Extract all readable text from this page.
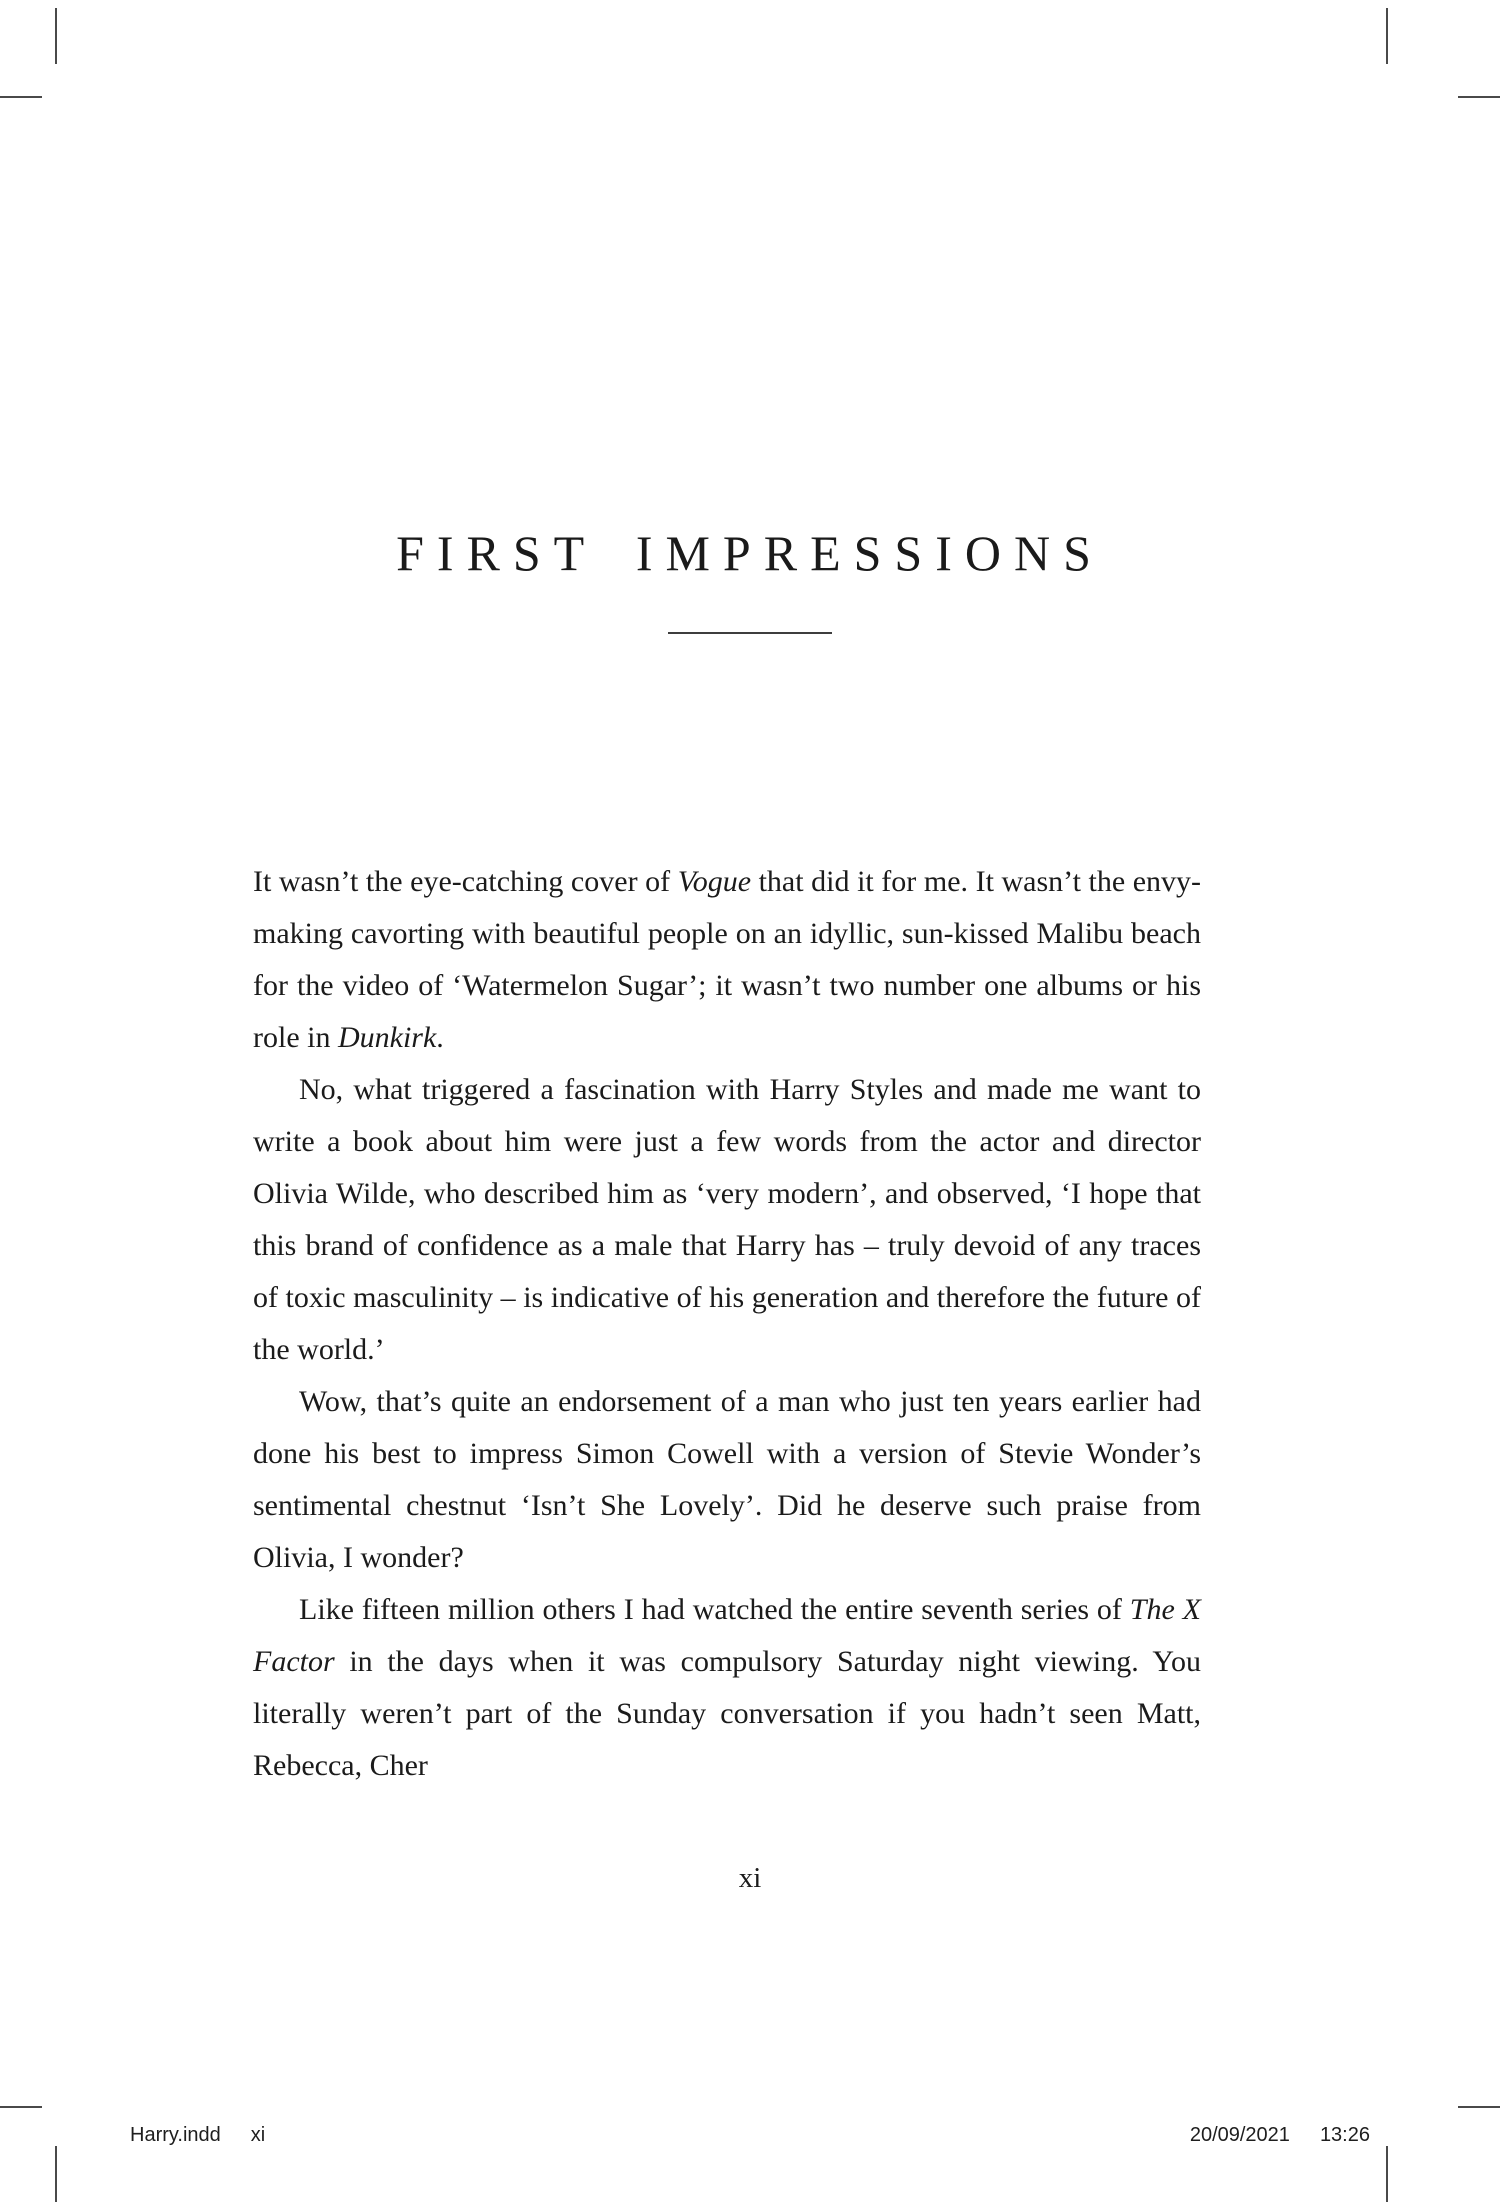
FIRST IMPRESSIONS

It wasn’t the eye-catching cover of Vogue that did it for me. It wasn’t the envy-making cavorting with beautiful people on an idyllic, sun-kissed Malibu beach for the video of ‘Watermelon Sugar’; it wasn’t two number one albums or his role in Dunkirk.

No, what triggered a fascination with Harry Styles and made me want to write a book about him were just a few words from the actor and director Olivia Wilde, who described him as ‘very modern’, and observed, ‘I hope that this brand of confidence as a male that Harry has – truly devoid of any traces of toxic masculinity – is indicative of his generation and therefore the future of the world.’

Wow, that’s quite an endorsement of a man who just ten years earlier had done his best to impress Simon Cowell with a version of Stevie Wonder’s sentimental chestnut ‘Isn’t She Lovely’. Did he deserve such praise from Olivia, I wonder?

Like fifteen million others I had watched the entire seventh series of The X Factor in the days when it was compulsory Saturday night viewing. You literally weren’t part of the Sunday conversation if you hadn’t seen Matt, Rebecca, Cher

xi
Harry.indd xi	20/09/2021 13:26
